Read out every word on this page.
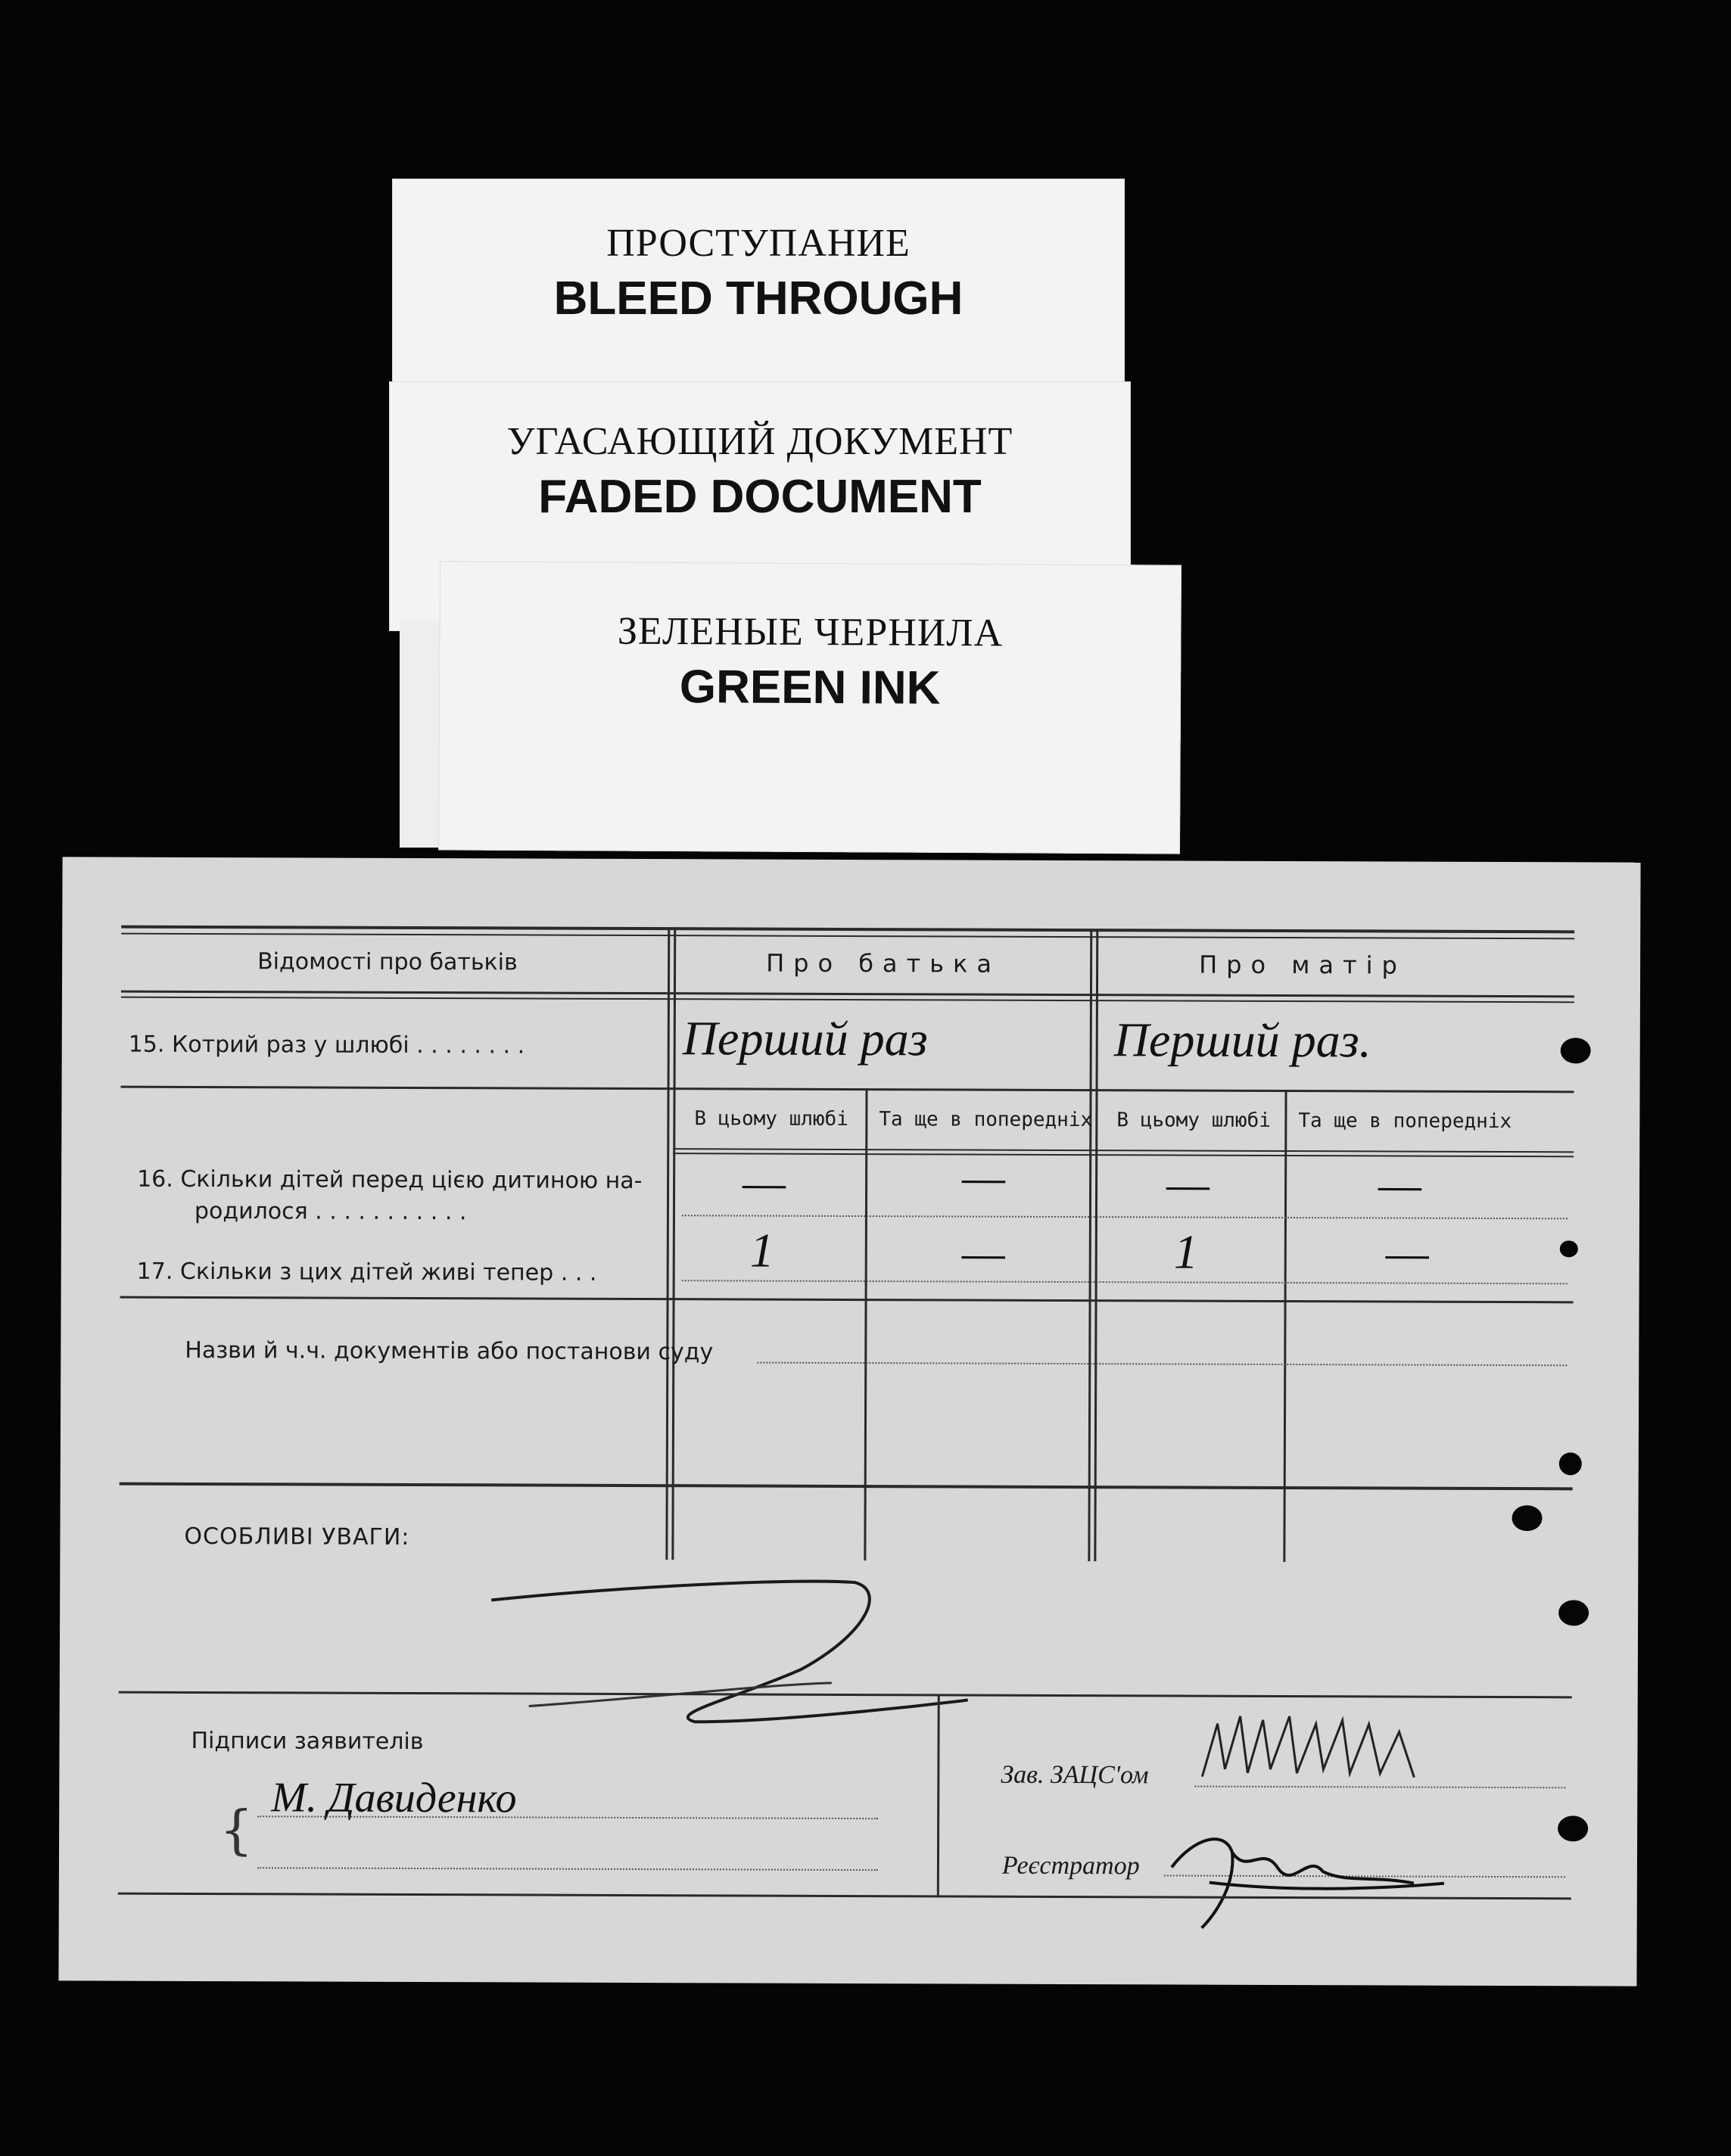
ПРОСТУПАНИЕ
BLEED THROUGH
УГАСАЮЩИЙ ДОКУМЕНТ
FADED DOCUMENT
ЗЕЛЕНЫЕ ЧЕРНИЛА
GREEN INK
Відомості про батьків	Про батька	Про матір
15. Котрий раз у шлюбі . . . . . . . .	Перший раз	Перший раз.
В цьому шлюбі Та ще в попередніх В цьому шлюбі Та ще в попередніх
16. Скільки дітей перед цією дитиною на-
родилося . . . . . . . . . . .
—	—	—	—
17. Скільки з цих дітей живі тепер . . .	1	—	1	—
Назви й ч.ч. документів або постанови суду
ОСОБЛИВІ УВАГИ:
Підписи заявителів
{
М. Давиденко	Зав. ЗАЦС'ом
Реєстратор
